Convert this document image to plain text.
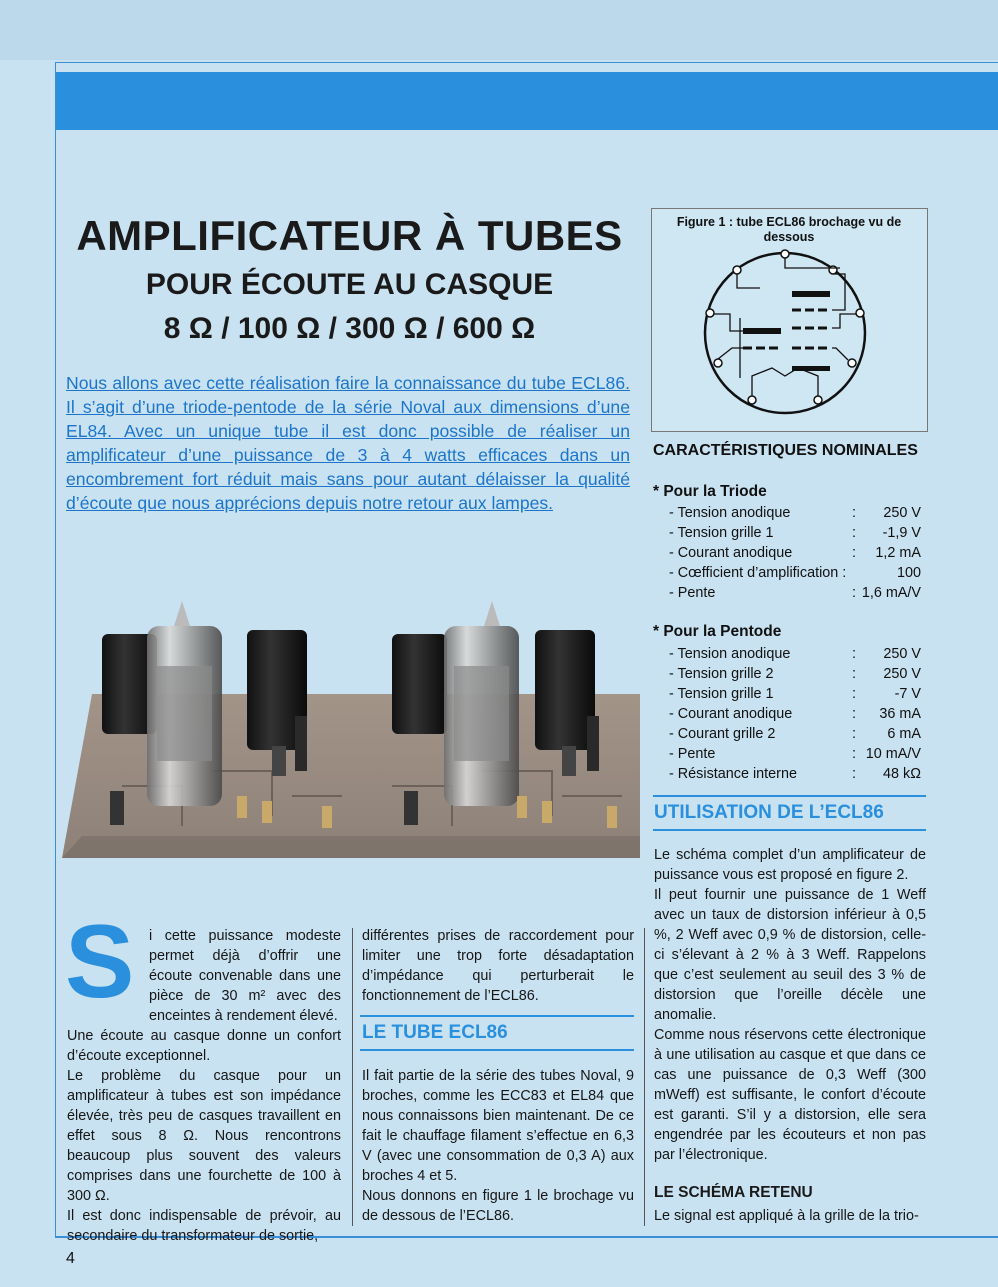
AMPLIFICATEUR À TUBES
POUR ÉCOUTE AU CASQUE
8 Ω / 100 Ω / 300 Ω / 600 Ω
Nous allons avec cette réalisation faire la connaissance du tube ECL86. Il s’agit d’une triode-pentode de la série Noval aux dimensions d’une EL84. Avec un unique tube il est donc possible de réaliser un amplificateur d’une puissance de 3 à 4 watts efficaces dans un encombrement fort réduit mais sans pour autant délaisser la qualité d’écoute que nous apprécions depuis notre retour aux lampes.
Figure 1 : tube ECL86 brochage vu de dessous
CARACTÉRISTIQUES NOMINALES
* Pour la Triode
- Tension anodique	: 250 V
- Tension grille 1	: -1,9 V
- Courant anodique	: 1,2 mA
- Cœfficient d’amplification :	100
- Pente	: 1,6 mA/V
* Pour la Pentode
- Tension anodique	: 250 V
- Tension grille 2	: 250 V
- Tension grille 1	:	-7 V
- Courant anodique	: 36 mA
- Courant grille 2	: 6 mA
- Pente	: 10 mA/V
- Résistance interne	: 48 kΩ
UTILISATION DE L’ECL86
S	i cette puissance modeste permet déjà d’offrir une écoute convenable dans une pièce de 30 m² avec des enceintes à rendement élevé.

Une écoute au casque donne un confort d’écoute exceptionnel.

Le problème du casque pour un amplificateur à tubes est son impédance élevée, très peu de casques travaillent en effet sous 8 Ω. Nous rencontrons beaucoup plus souvent des valeurs comprises dans une fourchette de 100 à 300 Ω.

Il est donc indispensable de prévoir, au secondaire du transformateur de sortie,

différentes prises de raccordement pour limiter une trop forte désadaptation d’impédance qui perturberait le fonctionnement de l’ECL86.

LE TUBE ECL86

Il fait partie de la série des tubes Noval, 9 broches, comme les ECC83 et EL84 que nous connaissons bien maintenant. De ce fait le chauffage filament s’effectue en 6,3 V (avec une consommation de 0,3 A) aux broches 4 et 5.

Nous donnons en figure 1 le brochage vu de dessous de l’ECL86.

Le schéma complet d’un amplificateur de puissance vous est proposé en figure 2.

Il peut fournir une puissance de 1 Weff avec un taux de distorsion inférieur à 0,5 %, 2 Weff avec 0,9 % de distorsion, celle-ci s’élevant à 2 % à 3 Weff. Rappelons que c’est seulement au seuil des 3 % de distorsion que l’oreille décèle une anomalie.

Comme nous réservons cette électronique à une utilisation au casque et que dans ce cas une puissance de 0,3 Weff (300 mWeff) est suffisante, le confort d’écoute est garanti. S’il y a distorsion, elle sera engendrée par les écouteurs et non pas par l’électronique.

LE SCHÉMA RETENU

Le signal est appliqué à la grille de la trio-

4
